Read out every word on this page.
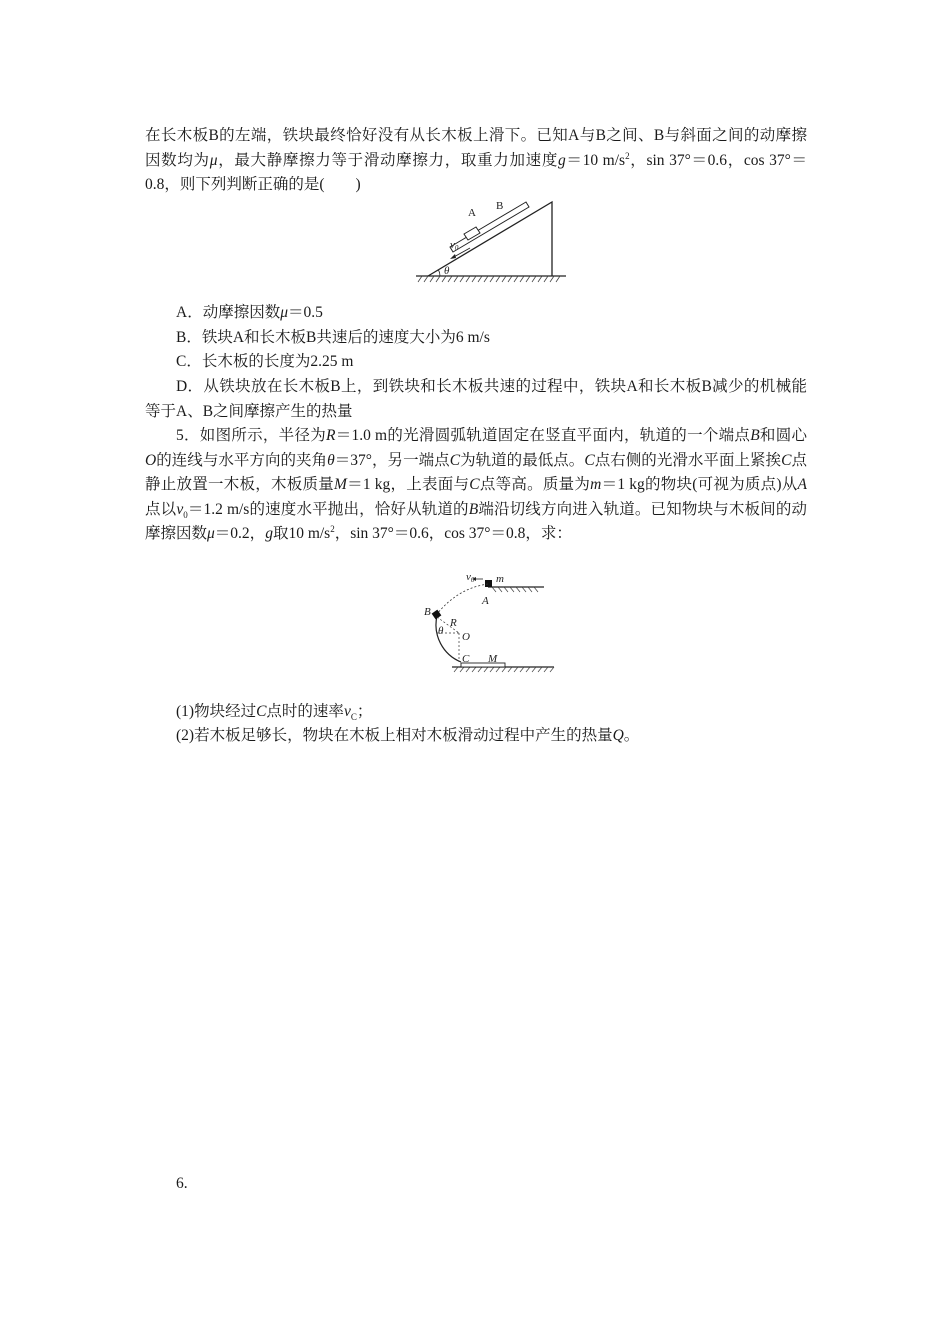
在长木板B的左端，铁块最终恰好没有从长木板上滑下。已知A与B之间、B与斜面之间的动摩擦因数均为μ，最大静摩擦力等于滑动摩擦力，取重力加速度g＝10 $m/s^2$，sin 37°＝0.6，cos 37°＝0.8，则下列判断正确的是(　　)

A
B
v0
θ

A．动摩擦因数μ＝0.5

B．铁块A和长木板B共速后的速度大小为6 m/s

C．长木板的长度为2.25 m

D．从铁块放在长木板B上，到铁块和长木板共速的过程中，铁块A和长木板B减少的机械能等于A、B之间摩擦产生的热量

5．如图所示，半径为R＝1.0 m的光滑圆弧轨道固定在竖直平面内，轨道的一个端点B和圆心O的连线与水平方向的夹角θ＝37°，另一端点C为轨道的最低点。C点右侧的光滑水平面上紧挨C点静止放置一木板，木板质量M＝1 kg，上表面与C点等高。质量为m＝1 kg的物块(可视为质点)从A点以$v_0=1.2$ m/s的速度水平抛出，恰好从轨道的B端沿切线方向进入轨道。已知物块与木板间的动摩擦因数μ＝0.2，g取10 $m/s^2$，sin 37°＝0.6，cos 37°＝0.8，求：

v0 m
A
B
R
O
θ
C M

(1)物块经过C点时的速率$v_C$；

(2)若木板足够长，物块在木板上相对木板滑动过程中产生的热量Q。

6.
